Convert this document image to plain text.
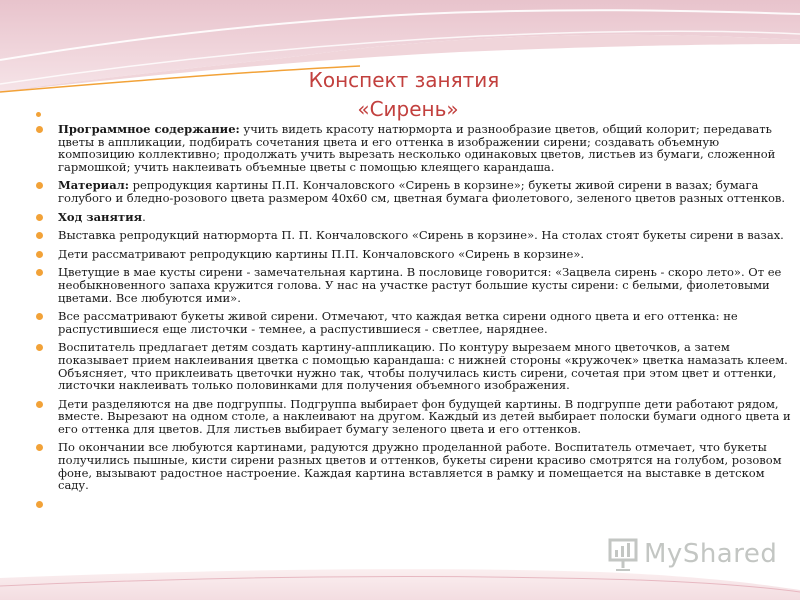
Конспект занятия
«Сирень»
Программное содержание: учить видеть красоту натюрморта и разнообразие цветов, общий колорит; передавать цветы в аппликации, подбирать сочетания цвета и его оттенка в изображении сирени; создавать объемную композицию коллективно; продолжать учить вырезать несколько одинаковых цветов, листьев из бумаги, сложенной гармошкой; учить наклеивать объемные цветы с помощью клеящего карандаша.
Материал: репродукция картины П.П. Кончаловского «Сирень в корзине»; букеты живой сирени в вазах; бумага голубого и бледно-розового цвета размером 40х60 см, цветная бумага фиолетового, зеленого цветов разных оттенков.
Ход занятия.
Выставка репродукций натюрморта П. П. Кончаловского «Сирень в корзине». На столах стоят букеты сирени в вазах.
Дети рассматривают репродукцию картины П.П. Кончаловского «Сирень в корзине».
Цветущие в мае кусты сирени - замечательная картина. В пословице говорится: «Зацвела сирень - скоро лето». От ее необыкновенного запаха кружится голова. У нас на участке растут большие кусты сирени: с белыми, фиолетовыми цветами. Все любуются ими».
Все рассматривают букеты живой сирени. Отмечают, что каждая ветка сирени одного цвета и его оттенка: не распустившиеся еще листочки - темнее, а распустившиеся - светлее, наряднее.
Воспитатель предлагает детям создать картину-аппликацию. По контуру вырезаем много цветочков, а затем показывает прием наклеивания цветка с помощью карандаша: с нижней стороны «кружочек» цветка намазать клеем. Объясняет, что приклеивать цветочки нужно так, чтобы получилась кисть сирени, сочетая при этом цвет и оттенки, листочки наклеивать только половинками для получения объемного изображения.
Дети разделяются на две подгруппы. Подгруппа выбирает фон будущей картины. В подгруппе дети работают рядом, вместе. Вырезают на одном столе, а наклеивают на другом. Каждый из детей выбирает полоски бумаги одного цвета и его оттенка для цветов. Для листьев выбирает бумагу зеленого цвета и его оттенков.
По окончании все любуются картинами, радуются дружно проделанной работе. Воспитатель отмечает, что букеты получились пышные, кисти сирени разных цветов и оттенков, букеты сирени красиво смотрятся на голубом, розовом фоне, вызывают радостное настроение. Каждая картина вставляется в рамку и помещается на выставке в детском саду.
MyShared
